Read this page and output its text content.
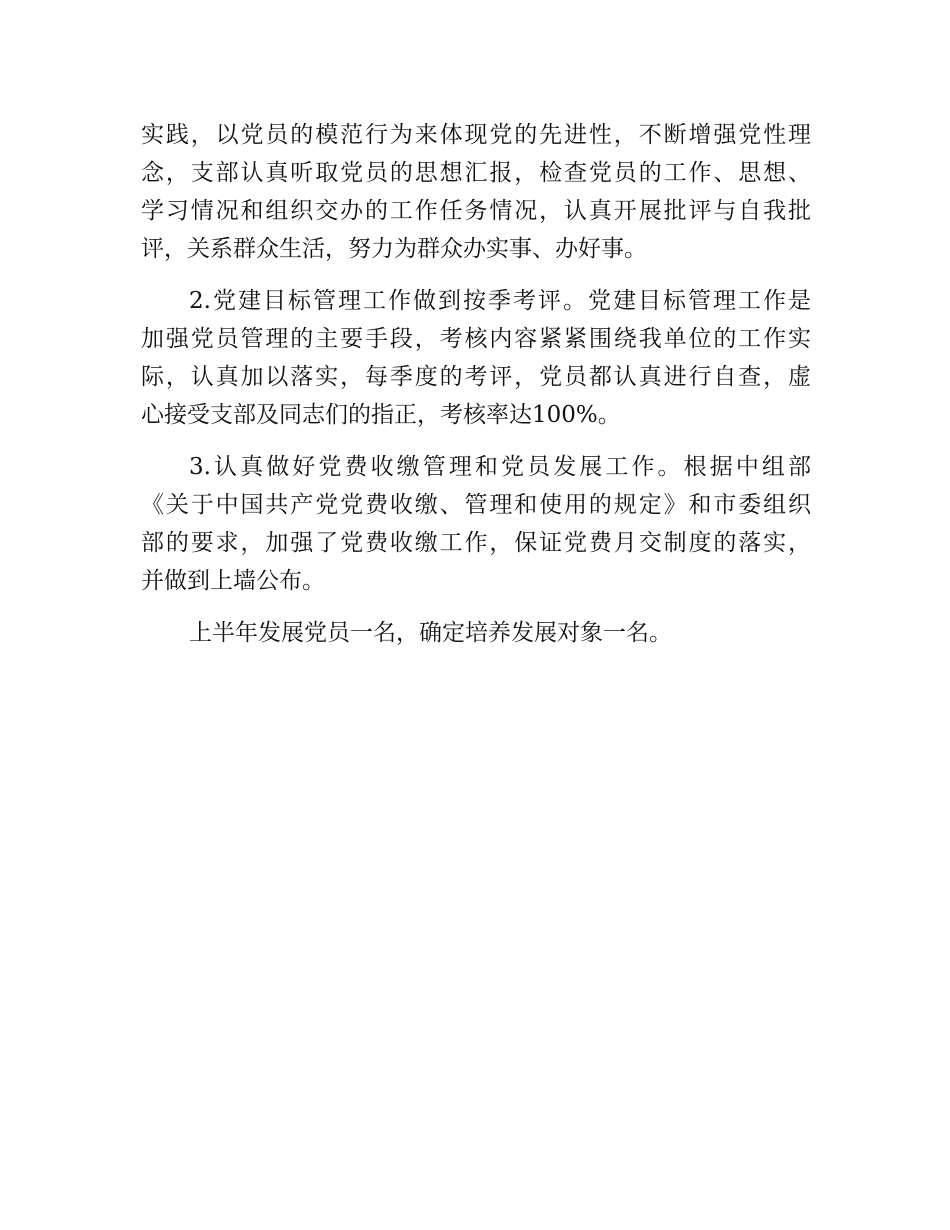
实践，以党员的模范行为来体现党的先进性，不断增强党性理
念，支部认真听取党员的思想汇报，检查党员的工作、思想、
学习情况和组织交办的工作任务情况，认真开展批评与自我批
评，关系群众生活，努力为群众办实事、办好事。
2.党建目标管理工作做到按季考评。党建目标管理工作是
加强党员管理的主要手段，考核内容紧紧围绕我单位的工作实
际，认真加以落实，每季度的考评，党员都认真进行自查，虚
心接受支部及同志们的指正，考核率达100%。
3.认真做好党费收缴管理和党员发展工作。根据中组部
《关于中国共产党党费收缴、管理和使用的规定》和市委组织
部的要求，加强了党费收缴工作，保证党费月交制度的落实，
并做到上墙公布。
上半年发展党员一名，确定培养发展对象一名。
